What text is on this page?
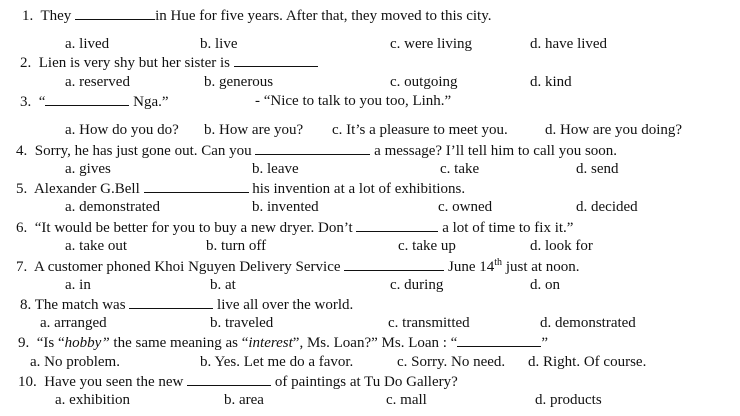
1. They	in Hue for five years. After that, they moved to this city.
a. lived	b. live	c. were living	d. have lived
2. Lien is very shy but her sister is
a. reserved	b. generous	c. outgoing	d. kind
3. “	Nga.”	- “Nice to talk to you too, Linh.”
a. How do you do? b. How are you? c. It’s a pleasure to meet you. d. How are you doing?
4. Sorry, he has just gone out. Can you	a message? I’ll tell him to call you soon.
a. gives	b. leave	c. take	d. send
5. Alexander G.Bell	his invention at a lot of exhibitions.
a. demonstrated	b. invented	c. owned	d. decided
6. “It would be better for you to buy a new dryer. Don’t	a lot of time to fix it.”
a. take out	b. turn off	c. take up	d. look for
7. A customer phoned Khoi Nguyen Delivery Service	June 14th just at noon.
a. in	b. at	c. during	d. on
8. The match was	live all over the world.
a. arranged	b. traveled	c. transmitted	d. demonstrated
9. “Is “hobby” the same meaning as “interest”, Ms. Loan?” Ms. Loan : “	”
a. No problem.	b. Yes. Let me do a favor.	c. Sorry. No need. d. Right. Of course.
10. Have you seen the new	of paintings at Tu Do Gallery?
a. exhibition	b. area	c. mall	d. products
